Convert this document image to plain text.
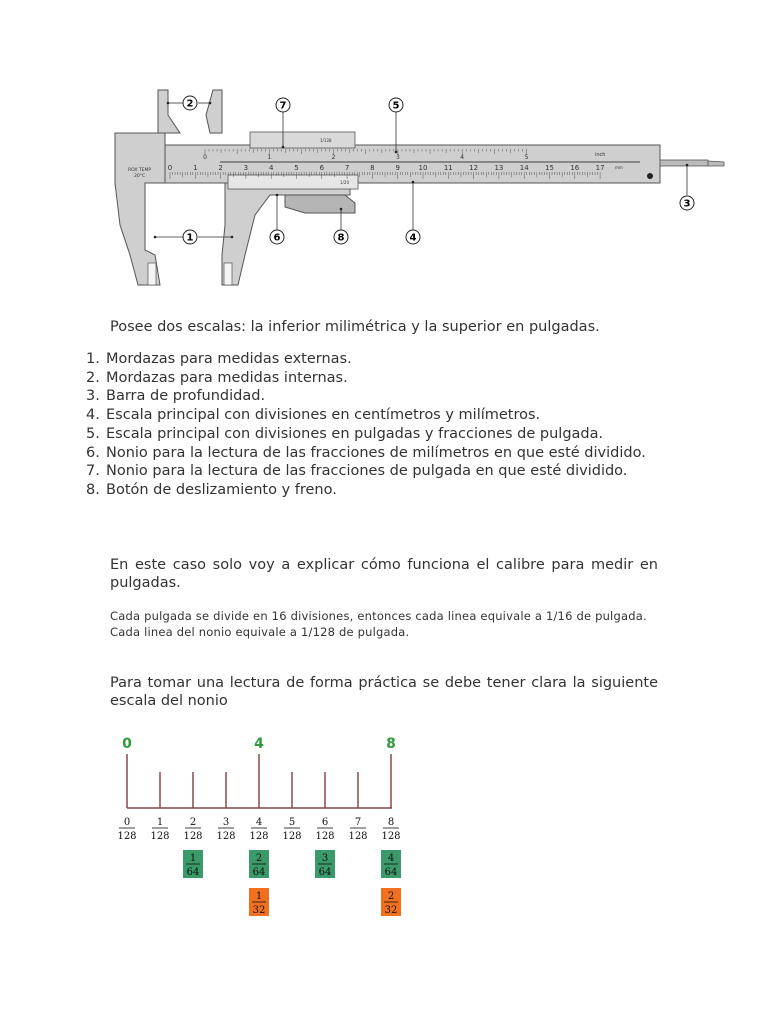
ROX TEMP
20°C
inch
mm
1/128
1/20
0	1	2	3	4	5	6	7	8	9	10 11 12 13 14 15 16 17
0	1	2	3	4	5
2	7	5
3
1	6	8	4
Posee dos escalas: la inferior milimétrica y la superior en pulgadas.
1. Mordazas para medidas externas.
2. Mordazas para medidas internas.
3. Barra de profundidad.
4. Escala principal con divisiones en centímetros y milímetros.
5. Escala principal con divisiones en pulgadas y fracciones de pulgada.
6. Nonio para la lectura de las fracciones de milímetros en que esté dividido.
7. Nonio para la lectura de las fracciones de pulgada en que esté dividido.
8. Botón de deslizamiento y freno.
En este caso solo voy a explicar cómo funciona el calibre para medir en pulgadas.
Cada pulgada se divide en 16 divisiones, entonces cada linea equivale a 1/16 de pulgada.
Cada linea del nonio equivale a 1/128 de pulgada.
Para tomar una lectura de forma práctica se debe tener clara la siguiente escala del nonio
0	4	8
0
128
1
128
2
128
3
128
4
128
5
128
6
128
7
128
8
128
1
64
2
64
3
64
4
64
1
32
2
32
